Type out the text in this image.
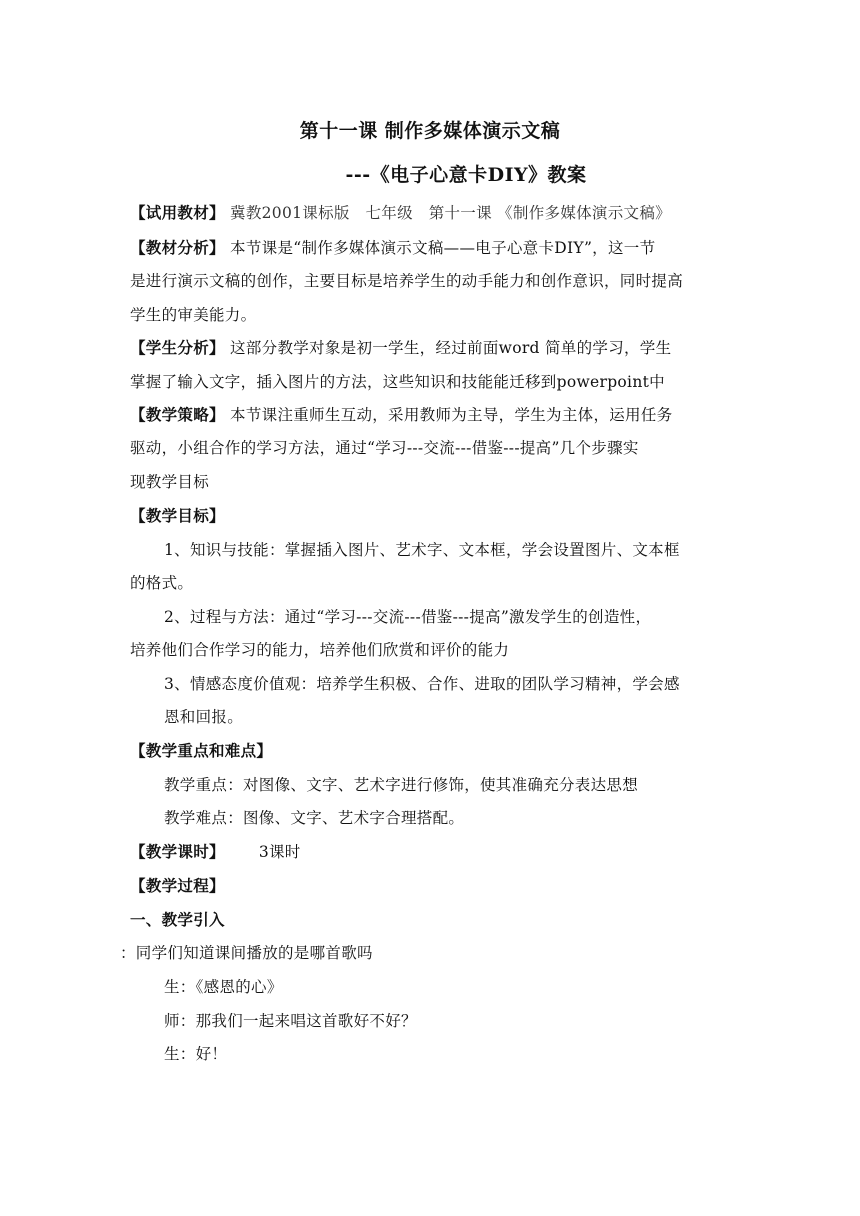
第十一课 制作多媒体演示文稿
---《电子心意卡DIY》教案
【试用教材】 冀教2001课标版　七年级　第十一课 《制作多媒体演示文稿》
【教材分析】 本节课是“制作多媒体演示文稿——电子心意卡DIY”，这一节
是进行演示文稿的创作，主要目标是培养学生的动手能力和创作意识，同时提高
学生的审美能力。
【学生分析】 这部分教学对象是初一学生，经过前面word 简单的学习，学生
掌握了输入文字，插入图片的方法，这些知识和技能能迁移到powerpoint中
【教学策略】 本节课注重师生互动，采用教师为主导，学生为主体，运用任务
驱动，小组合作的学习方法，通过“学习---交流---借鉴---提高”几个步骤实
现教学目标
【教学目标】
1、知识与技能：掌握插入图片、艺术字、文本框，学会设置图片、文本框
的格式。
2、过程与方法：通过“学习---交流---借鉴---提高”激发学生的创造性，
培养他们合作学习的能力，培养他们欣赏和评价的能力
3、情感态度价值观：培养学生积极、合作、进取的团队学习精神，学会感
恩和回报。
【教学重点和难点】
教学重点：对图像、文字、艺术字进行修饰，使其准确充分表达思想
教学难点：图像、文字、艺术字合理搭配。
【教学课时】 3课时
【教学过程】
一、教学引入
：同学们知道课间播放的是哪首歌吗
生：《感恩的心》
师：那我们一起来唱这首歌好不好？
生：好！
